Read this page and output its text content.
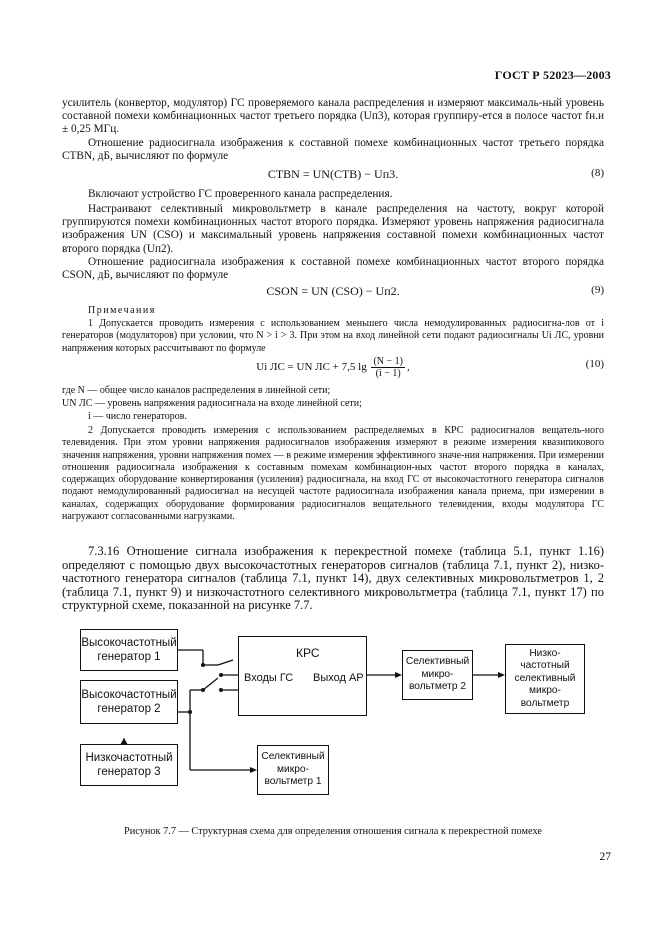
ГОСТ Р 52023—2003
усилитель (конвертор, модулятор) ГС проверяемого канала распределения и измеряют максималь-ный уровень составной помехи комбинационных частот третьего порядка (Uп3), которая группиру-ется в полосе частот fн.и ± 0,25 МГц.
Отношение радиосигнала изображения к составной помехе комбинационных частот третьего порядка CTBN, дБ, вычисляют по формуле
CTBN = UN(CTB) − Uп3.	(8)
Включают устройство ГС проверенного канала распределения.
Настраивают селективный микровольтметр в канале распределения на частоту, вокруг которой группируются помехи комбинационных частот второго порядка. Измеряют уровень напряжения радиосигнала изображения UN (CSO) и максимальный уровень напряжения составной помехи комбинационных частот второго порядка (Uп2).
Отношение радиосигнала изображения к составной помехе комбинационных частот второго порядка CSON, дБ, вычисляют по формуле
CSON = UN (CSO) − Uп2.	(9)
Примечания
1 Допускается проводить измерения с использованием меньшего числа немодулированных радиосигна-лов от i генераторов (модуляторов) при условии, что N > i > 3. При этом на вход линейной сети подают радиосигналы Ui ЛС, уровни напряжения которых рассчитывают по формуле
Ui ЛС = UN ЛС + 7,5 $\lg \frac{(N - 1)}{(i - 1)}$ ,	(10)
где N — общее число каналов распределения в линейной сети;
UN ЛС — уровень напряжения радиосигнала на входе линейной сети;
i — число генераторов.
2 Допускается проводить измерения с использованием распределяемых в КРС радиосигналов вещатель-ного телевидения. При этом уровни напряжения радиосигналов изображения измеряют в режиме измерения квазипикового значения напряжения, уровни напряжения помех — в режиме измерения эффективного значе-ния напряжения. При измерении отношения радиосигнала изображения к составным помехам комбинацион-ных частот второго порядка в каналах, содержащих оборудование конвертирования (усиления) радиосигнала, на вход ГС от высокочастотного генератора сигналов подают немодулированный радиосигнал на несущей частоте радиосигнала изображения канала приема, при измерении в каналах, содержащих оборудование формирования радиосигналов вещательного телевидения, входы модулятора ГС нагружают согласованными нагрузками.
7.3.16 Отношение сигнала изображения к перекрестной помехе (таблица 5.1, пункт 1.16) определяют с помощью двух высокочастотных генераторов сигналов (таблица 7.1, пункт 2), низко-частотного генератора сигналов (таблица 7.1, пункт 14), двух селективных микровольтметров 1, 2 (таблица 7.1, пункт 9) и низкочастотного селективного микровольтметра (таблица 7.1, пункт 17) по структурной схеме, показанной на рисунке 7.7.
Высокочастотный
генератор 1
Высокочастотный
генератор 2
Низкочастотный
генератор 3
КРС
Входы ГС Выход АР
Селективный
микро-
вольтметр 2
Низко-
частотный
селективный
микро-
вольтметр
Селективный
микро-
вольтметр 1
Рисунок 7.7 — Структурная схема для определения отношения сигнала к перекрестной помехе
27
